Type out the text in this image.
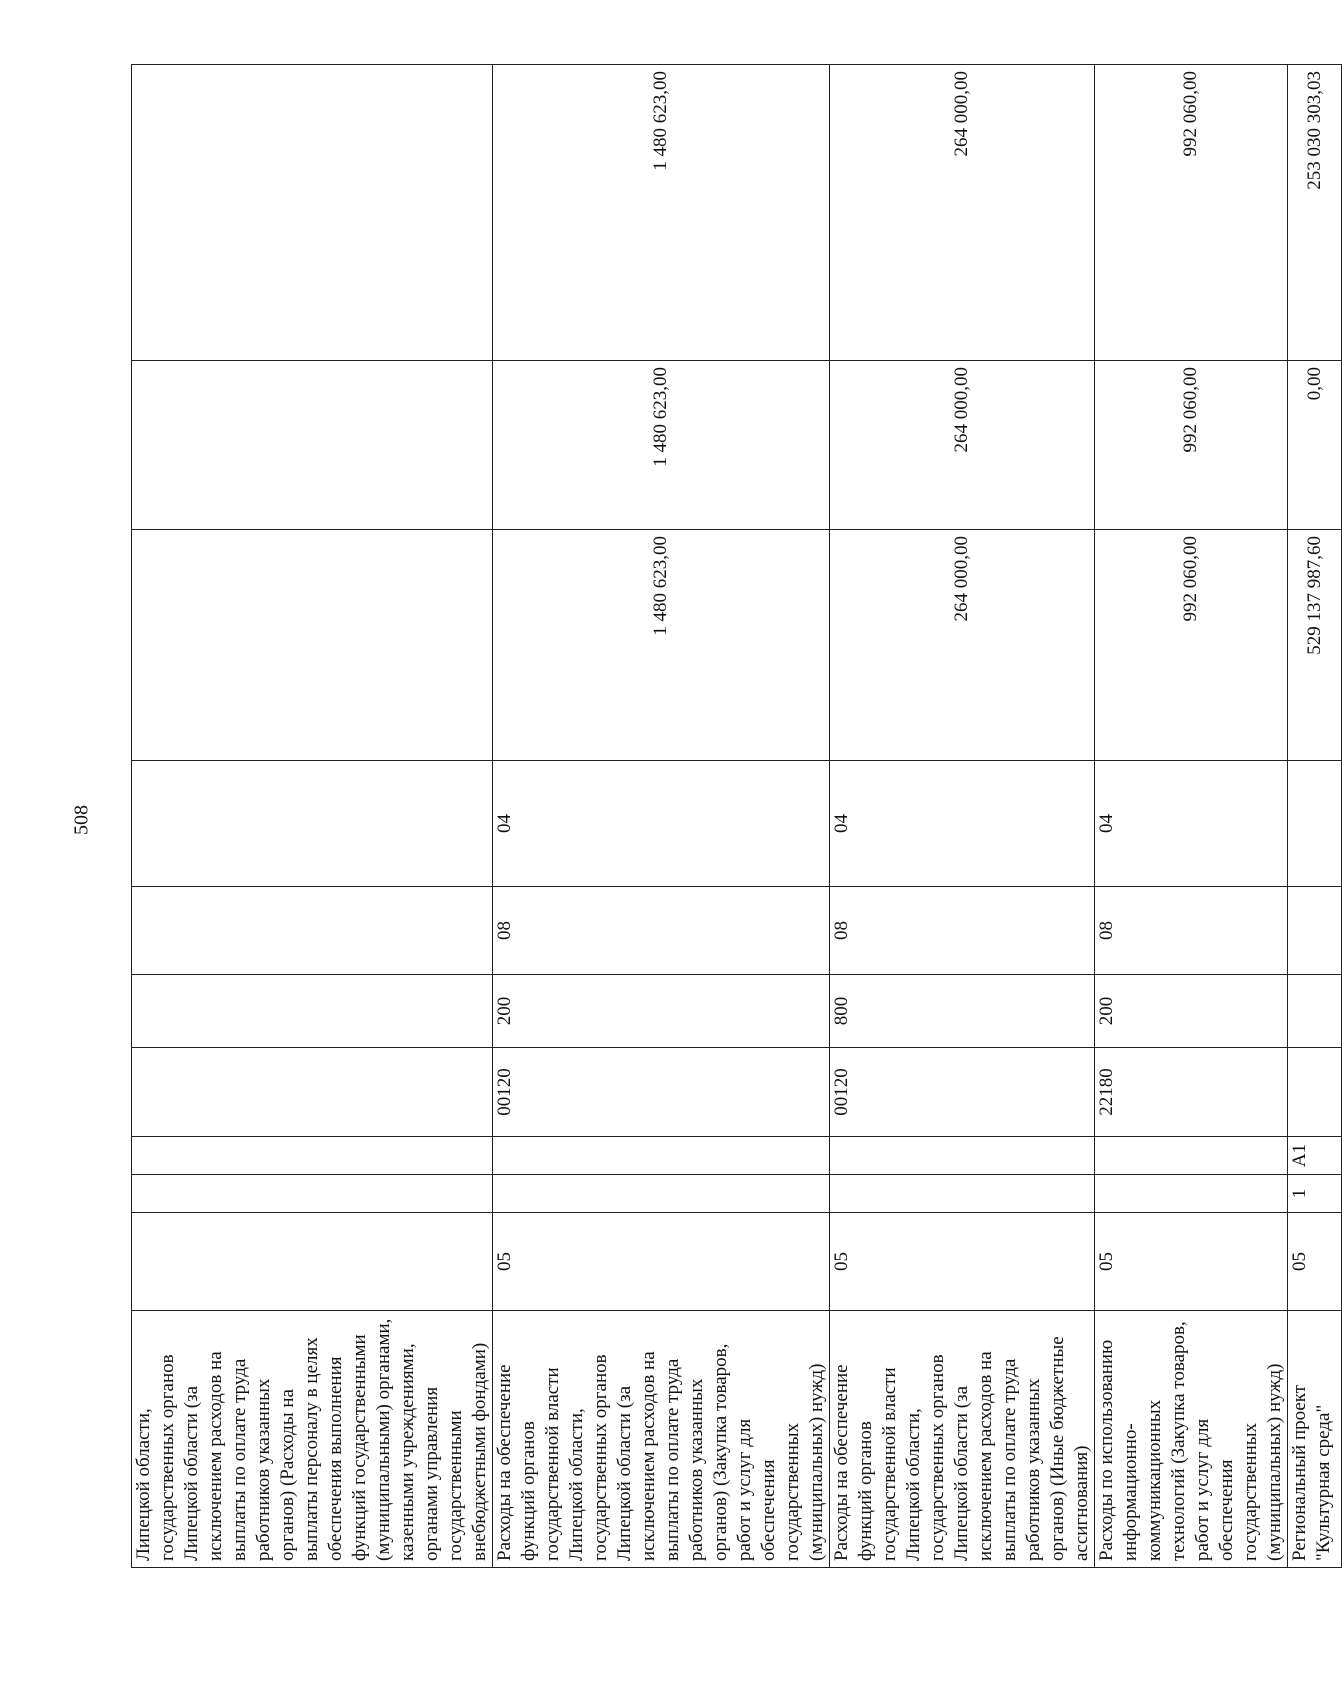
508
Липецкой области, государственных органов Липецкой области (за исключением расходов на выплаты по оплате труда работников указанных органов) (Расходы на выплаты персоналу в целях обеспечения выполнения функций государственными (муниципальными) органами, казенными учреждениями, органами управления государственными внебюджетными фондами)										
Расходы на обеспечение функций органов государственной власти Липецкой области, государственных органов Липецкой области (за исключением расходов на выплаты по оплате труда работников указанных органов) (Закупка товаров, работ и услуг для обеспечения государственных (муниципальных) нужд)	05			00120	200	08	04	1 480 623,00	1 480 623,00	1 480 623,00
Расходы на обеспечение функций органов государственной власти Липецкой области, государственных органов Липецкой области (за исключением расходов на выплаты по оплате труда работников указанных органов) (Иные бюджетные ассигнования)	05			00120	800	08	04	264 000,00	264 000,00	264 000,00
Расходы по использованию информационно-коммуникационных технологий (Закупка товаров, работ и услуг для обеспечения государственных (муниципальных) нужд)	05			22180	200	08	04	992 060,00	992 060,00	992 060,00
Региональный проект "Культурная среда"	05	1	A1					529 137 987,60	0,00	253 030 303,03
